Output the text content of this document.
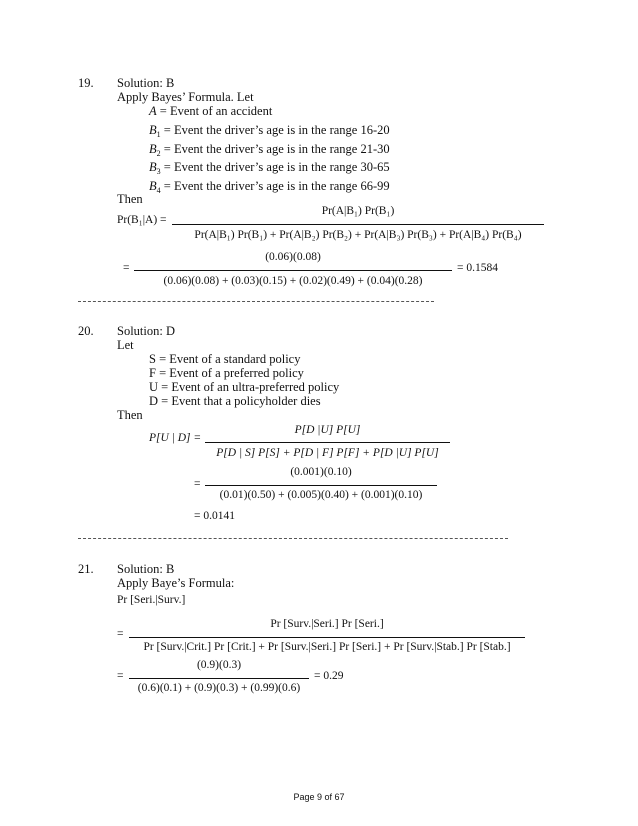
19. Solution: B
Apply Bayes’ Formula. Let
A = Event of an accident
$B_1$ = Event the driver’s age is in the range 16-20
$B_2$ = Event the driver’s age is in the range 21-30
$B_3$ = Event the driver’s age is in the range 30-65
$B_4$ = Event the driver’s age is in the range 66-99
Then
Pr(B₁|A) =
Pr(A|B₁) Pr(B₁)
Pr(A|B₁) Pr(B₁) + Pr(A|B₂) Pr(B₂) + Pr(A|B₃) Pr(B₃) + Pr(A|B₄) Pr(B₄)
=
(0.06)(0.08)
(0.06)(0.08) + (0.03)(0.15) + (0.02)(0.49) + (0.04)(0.28)
= 0.1584
20. Solution: D
Let
S = Event of a standard policy
F = Event of a preferred policy
U = Event of an ultra-preferred policy
D = Event that a policyholder dies
Then
P[U | D] =
P[D |U] P[U]
P[D | S] P[S] + P[D | F] P[F] + P[D |U] P[U]
=
(0.001)(0.10)
(0.01)(0.50) + (0.005)(0.40) + (0.001)(0.10)
= 0.0141
21. Solution: B
Apply Baye’s Formula:
Pr [Seri.|Surv.]
=
Pr [Surv.|Seri.] Pr [Seri.]
Pr [Surv.|Crit.] Pr [Crit.] + Pr [Surv.|Seri.] Pr [Seri.] + Pr [Surv.|Stab.] Pr [Stab.]
=
(0.9)(0.3)
(0.6)(0.1) + (0.9)(0.3) + (0.99)(0.6)
= 0.29
Page 9 of 67
